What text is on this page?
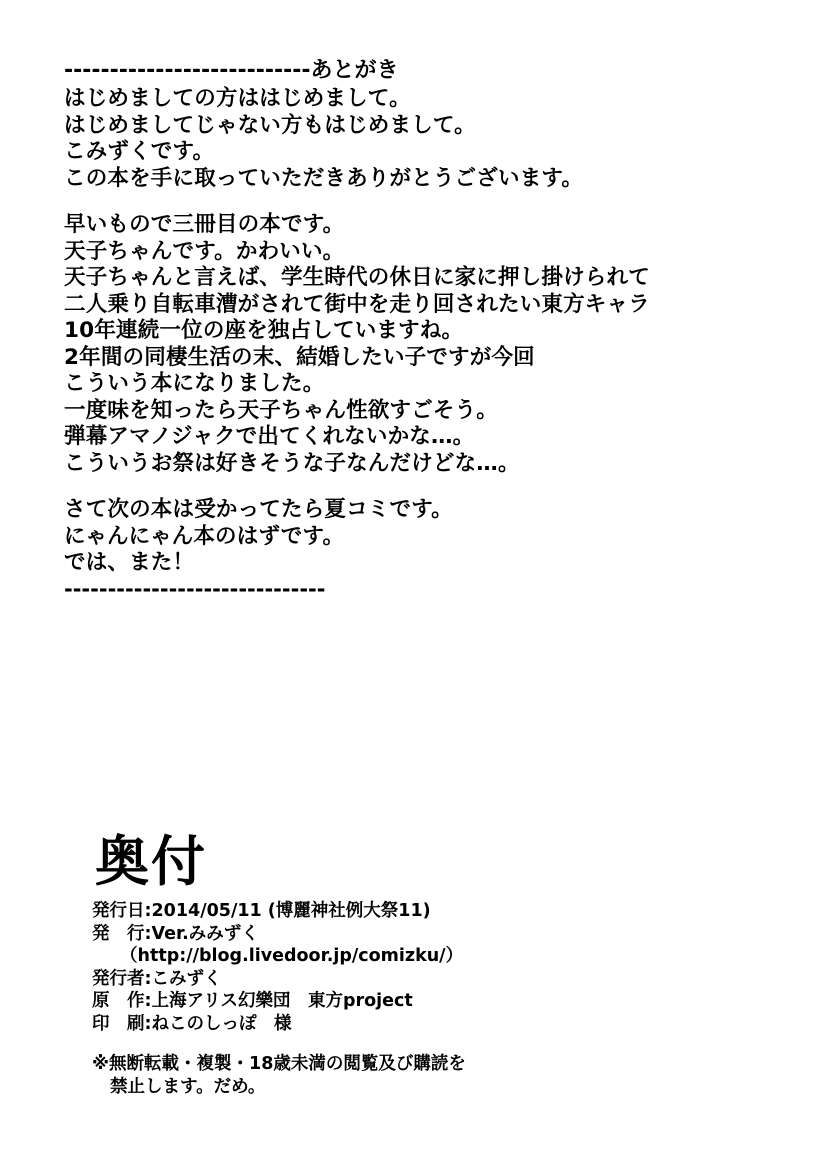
---------------------------あとがき
はじめましての方ははじめまして。
はじめましてじゃない方もはじめまして。
こみずくです。
この本を手に取っていただきありがとうございます。
早いもので三冊目の本です。
天子ちゃんです。かわいい。
天子ちゃんと言えば、学生時代の休日に家に押し掛けられて
二人乗り自転車漕がされて街中を走り回されたい東方キャラ
10年連続一位の座を独占していますね。
2年間の同棲生活の末、結婚したい子ですが今回
こういう本になりました。
一度味を知ったら天子ちゃん性欲すごそう。
弾幕アマノジャクで出てくれないかな…。
こういうお祭は好きそうな子なんだけどな…。
さて次の本は受かってたら夏コミです。
にゃんにゃん本のはずです。
では、また！
------------------------------
奥付
発行日:2014/05/11 (博麗神社例大祭11)
発　行:Ver.みみずく
（http://blog.livedoor.jp/comizku/）
発行者:こみずく
原　作:上海アリス幻樂団　東方project
印　刷:ねこのしっぽ　様
※無断転載・複製・18歳未満の閲覧及び購読を
禁止します。だめ。
